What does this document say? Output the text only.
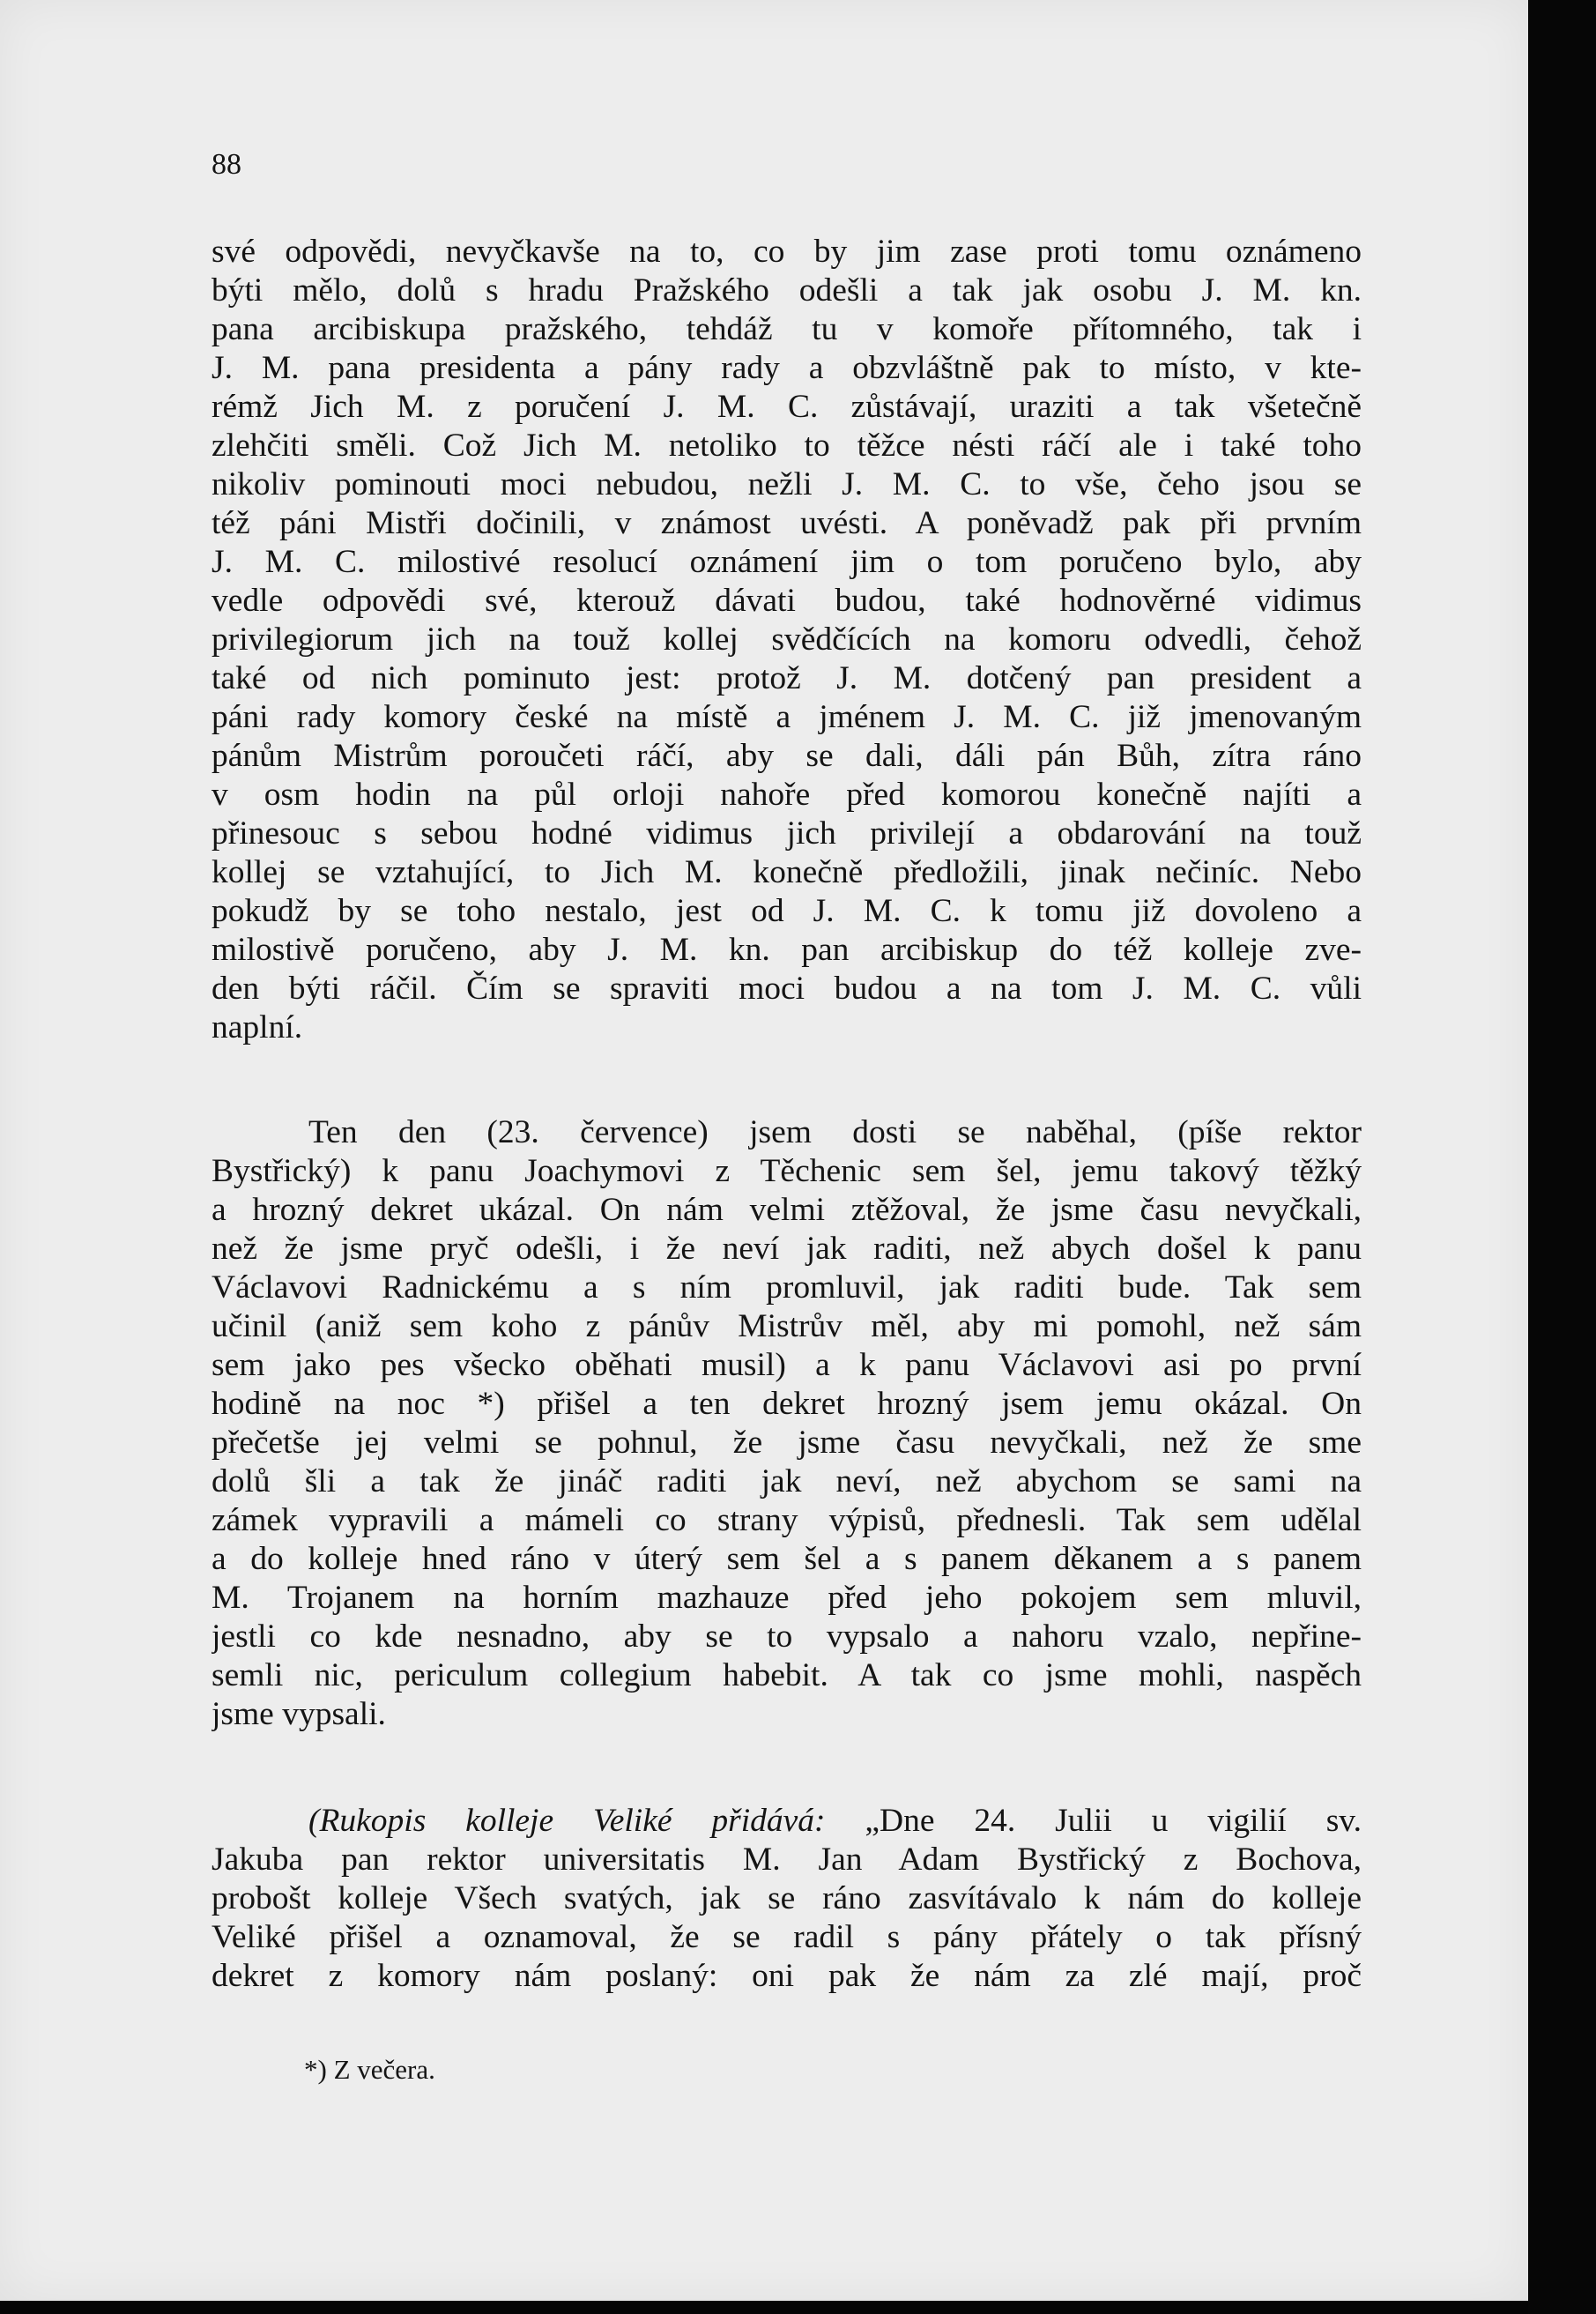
88

své odpovědi, nevyčkavše na to, co by jim zase proti tomu oznámeno
býti mělo, dolů s hradu Pražského odešli a tak jak osobu J. M. kn.
pana arcibiskupa pražského, tehdáž tu v komoře přítomného, tak i
J. M. pana presidenta a pány rady a obzvláštně pak to místo, v kte-
rémž Jich M. z poručení J. M. C. zůstávají, uraziti a tak všetečně
zlehčiti směli. Což Jich M. netoliko to těžce nésti ráčí ale i také toho
nikoliv pominouti moci nebudou, nežli J. M. C. to vše, čeho jsou se
též páni Mistři dočinili, v známost uvésti. A poněvadž pak při prvním
J. M. C. milostivé resolucí oznámení jim o tom poručeno bylo, aby
vedle odpovědi své, kterouž dávati budou, také hodnověrné vidimus
privilegiorum jich na touž kollej svědčících na komoru odvedli, čehož
také od nich pominuto jest: protož J. M. dotčený pan president a
páni rady komory české na místě a jménem J. M. C. již jmenovaným
pánům Mistrům poroučeti ráčí, aby se dali, dáli pán Bůh, zítra ráno
v osm hodin na půl orloji nahoře před komorou konečně najíti a
přinesouc s sebou hodné vidimus jich privilejí a obdarování na touž
kollej se vztahující, to Jich M. konečně předložili, jinak nečiníc. Nebo
pokudž by se toho nestalo, jest od J. M. C. k tomu již dovoleno a
milostivě poručeno, aby J. M. kn. pan arcibiskup do též kolleje zve-
den býti ráčil. Čím se spraviti moci budou a na tom J. M. C. vůli
naplní.

Ten den (23. července) jsem dosti se naběhal, (píše rektor
Bystřický) k panu Joachymovi z Těchenic sem šel, jemu takový těžký
a hrozný dekret ukázal. On nám velmi ztěžoval, že jsme času nevyčkali,
než že jsme pryč odešli, i že neví jak raditi, než abych došel k panu
Václavovi Radnickému a s ním promluvil, jak raditi bude. Tak sem
učinil (aniž sem koho z pánův Mistrův měl, aby mi pomohl, než sám
sem jako pes všecko oběhati musil) a k panu Václavovi asi po první
hodině na noc *) přišel a ten dekret hrozný jsem jemu okázal. On
přečetše jej velmi se pohnul, že jsme času nevyčkali, než že sme
dolů šli a tak že jináč raditi jak neví, než abychom se sami na
zámek vypravili a mámeli co strany výpisů, přednesli. Tak sem udělal
a do kolleje hned ráno v úterý sem šel a s panem děkanem a s panem
M. Trojanem na horním mazhauze před jeho pokojem sem mluvil,
jestli co kde nesnadno, aby se to vypsalo a nahoru vzalo, nepřine-
semli nic, periculum collegium habebit. A tak co jsme mohli, naspěch
jsme vypsali.

(Rukopis kolleje Veliké přidává: „Dne 24. Julii u vigilií sv.
Jakuba pan rektor universitatis M. Jan Adam Bystřický z Bochova,
probošt kolleje Všech svatých, jak se ráno zasvítávalo k nám do kolleje
Veliké přišel a oznamoval, že se radil s pány přátely o tak přísný
dekret z komory nám poslaný: oni pak že nám za zlé mají, proč

*) Z večera.
